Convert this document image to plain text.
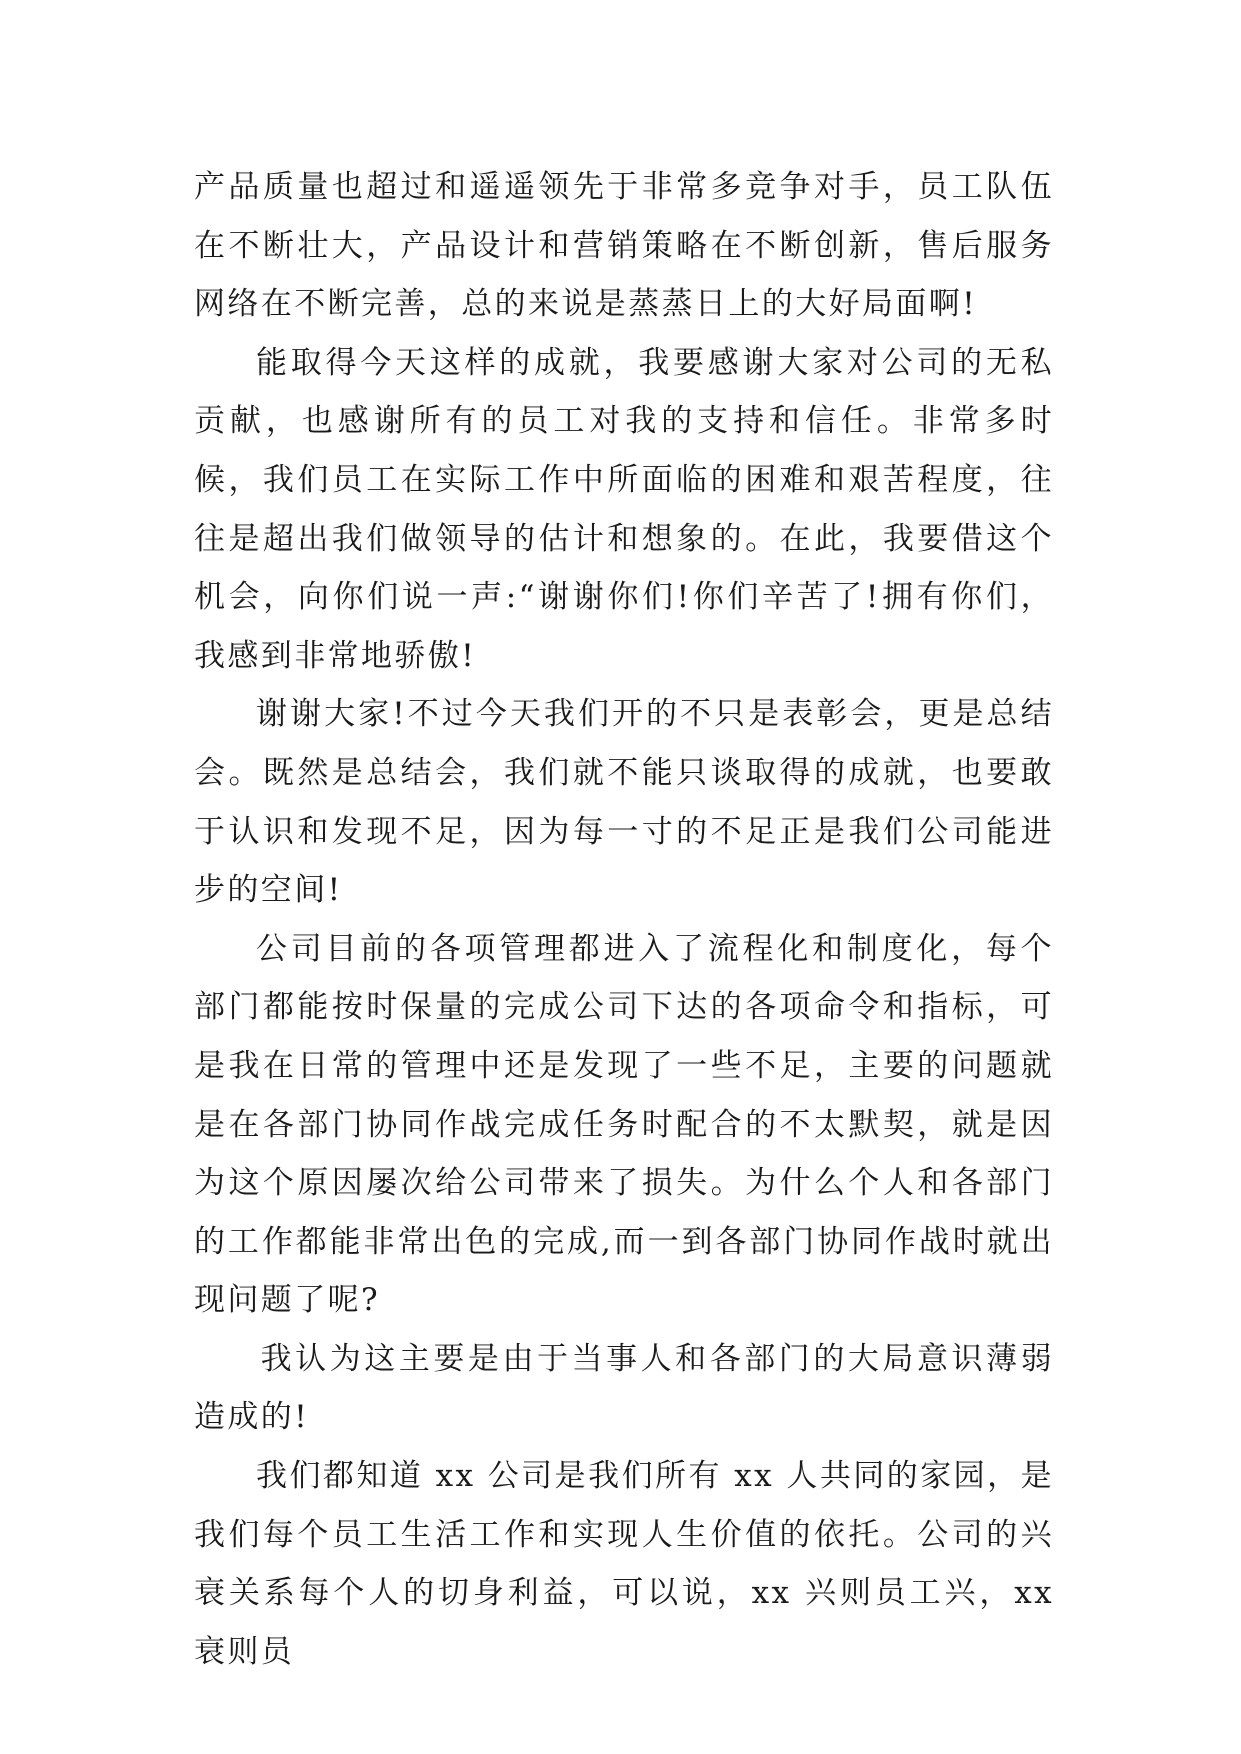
产品质量也超过和遥遥领先于非常多竞争对手，员工队伍在不断壮大，产品设计和营销策略在不断创新，售后服务网络在不断完善，总的来说是蒸蒸日上的大好局面啊!

能取得今天这样的成就，我要感谢大家对公司的无私贡献，也感谢所有的员工对我的支持和信任。非常多时候，我们员工在实际工作中所面临的困难和艰苦程度，往往是超出我们做领导的估计和想象的。在此，我要借这个机会，向你们说一声:“谢谢你们!你们辛苦了!拥有你们，我感到非常地骄傲!

谢谢大家!不过今天我们开的不只是表彰会，更是总结会。既然是总结会，我们就不能只谈取得的成就，也要敢于认识和发现不足，因为每一寸的不足正是我们公司能进步的空间!

公司目前的各项管理都进入了流程化和制度化，每个部门都能按时保量的完成公司下达的各项命令和指标，可是我在日常的管理中还是发现了一些不足，主要的问题就是在各部门协同作战完成任务时配合的不太默契，就是因为这个原因屡次给公司带来了损失。为什么个人和各部门的工作都能非常出色的完成,而一到各部门协同作战时就出现问题了呢?

我认为这主要是由于当事人和各部门的大局意识薄弱造成的!

我们都知道 xx 公司是我们所有 xx 人共同的家园，是我们每个员工生活工作和实现人生价值的依托。公司的兴衰关系每个人的切身利益，可以说，xx 兴则员工兴，xx 衰则员
